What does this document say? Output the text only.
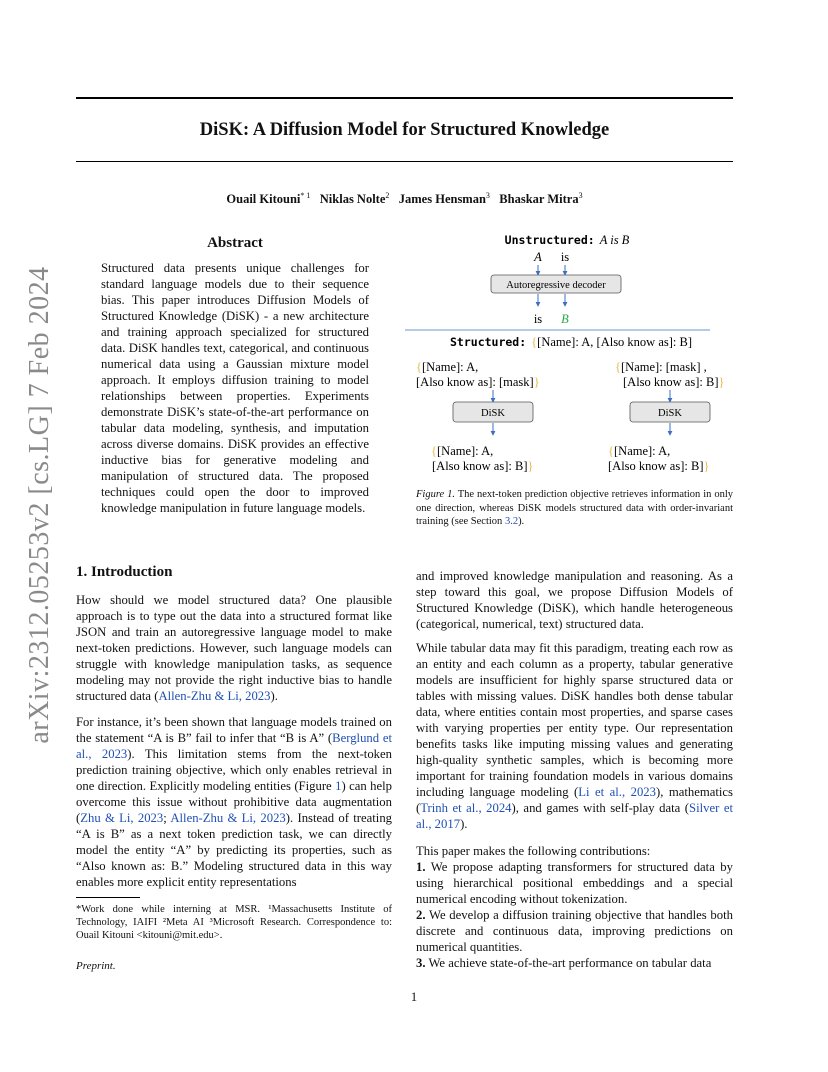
arXiv:2312.05253v2 [cs.LG] 7 Feb 2024
DiSK: A Diffusion Model for Structured Knowledge
Ouail Kitouni$^{* 1}$ Niklas Nolte$^2$ James Hensman$^3$ Bhaskar Mitra$^3$
Abstract
Structured data presents unique challenges for standard language models due to their sequence bias. This paper introduces Diffusion Models of Structured Knowledge (DiSK) - a new architecture and training approach specialized for structured data. DiSK handles text, categorical, and continuous numerical data using a Gaussian mixture model approach. It employs diffusion training to model relationships between properties. Experiments demonstrate DiSK’s state-of-the-art performance on tabular data modeling, synthesis, and imputation across diverse domains. DiSK provides an effective inductive bias for generative modeling and manipulation of structured data. The proposed techniques could open the door to improved knowledge manipulation in future language models.
Unstructured: A is B
A is
Autoregressive decoder
is B
Structured: {[Name]: A, [Also know as]: B]
{[Name]: A,
[Also know as]: [mask]}
DiSK
{[Name]: A,
[Also know as]: B]}
{[Name]: [mask] ,
[Also know as]: B]}
DiSK
{[Name]: A,
[Also know as]: B]}
Figure 1. The next-token prediction objective retrieves information in only one direction, whereas DiSK models structured data with order-invariant training (see Section 3.2).
1. Introduction

How should we model structured data? One plausible approach is to type out the data into a structured format like JSON and train an autoregressive language model to make next-token predictions. However, such language models can struggle with knowledge manipulation tasks, as sequence modeling may not provide the right inductive bias to handle structured data (Allen-Zhu & Li, 2023).

For instance, it’s been shown that language models trained on the statement “A is B” fail to infer that “B is A” (Berglund et al., 2023). This limitation stems from the next-token prediction training objective, which only enables retrieval in one direction. Explicitly modeling entities (Figure 1) can help overcome this issue without prohibitive data augmentation (Zhu & Li, 2023; Allen-Zhu & Li, 2023). Instead of treating “A is B” as a next token prediction task, we can directly model the entity “A” by predicting its properties, such as “Also known as: B.” Modeling structured data in this way enables more explicit entity representations

*Work done while interning at MSR. ¹Massachusetts Institute of Technology, IAIFI ²Meta AI ³Microsoft Research. Correspondence to: Ouail Kitouni <kitouni@mit.edu>.
Preprint.
and improved knowledge manipulation and reasoning. As a step toward this goal, we propose Diffusion Models of Structured Knowledge (DiSK), which handle heterogeneous (categorical, numerical, text) structured data.

While tabular data may fit this paradigm, treating each row as an entity and each column as a property, tabular generative models are insufficient for highly sparse structured data or tables with missing values. DiSK handles both dense tabular data, where entities contain most properties, and sparse cases with varying properties per entity type. Our representation benefits tasks like imputing missing values and generating high-quality synthetic samples, which is becoming more important for training foundation models in various domains including language modeling (Li et al., 2023), mathematics (Trinh et al., 2024), and games with self-play data (Silver et al., 2017).

This paper makes the following contributions:
1. We propose adapting transformers for structured data by using hierarchical positional embeddings and a special numerical encoding without tokenization.
2. We develop a diffusion training objective that handles both discrete and continuous data, improving predictions on numerical quantities.
3. We achieve state-of-the-art performance on tabular data
1
